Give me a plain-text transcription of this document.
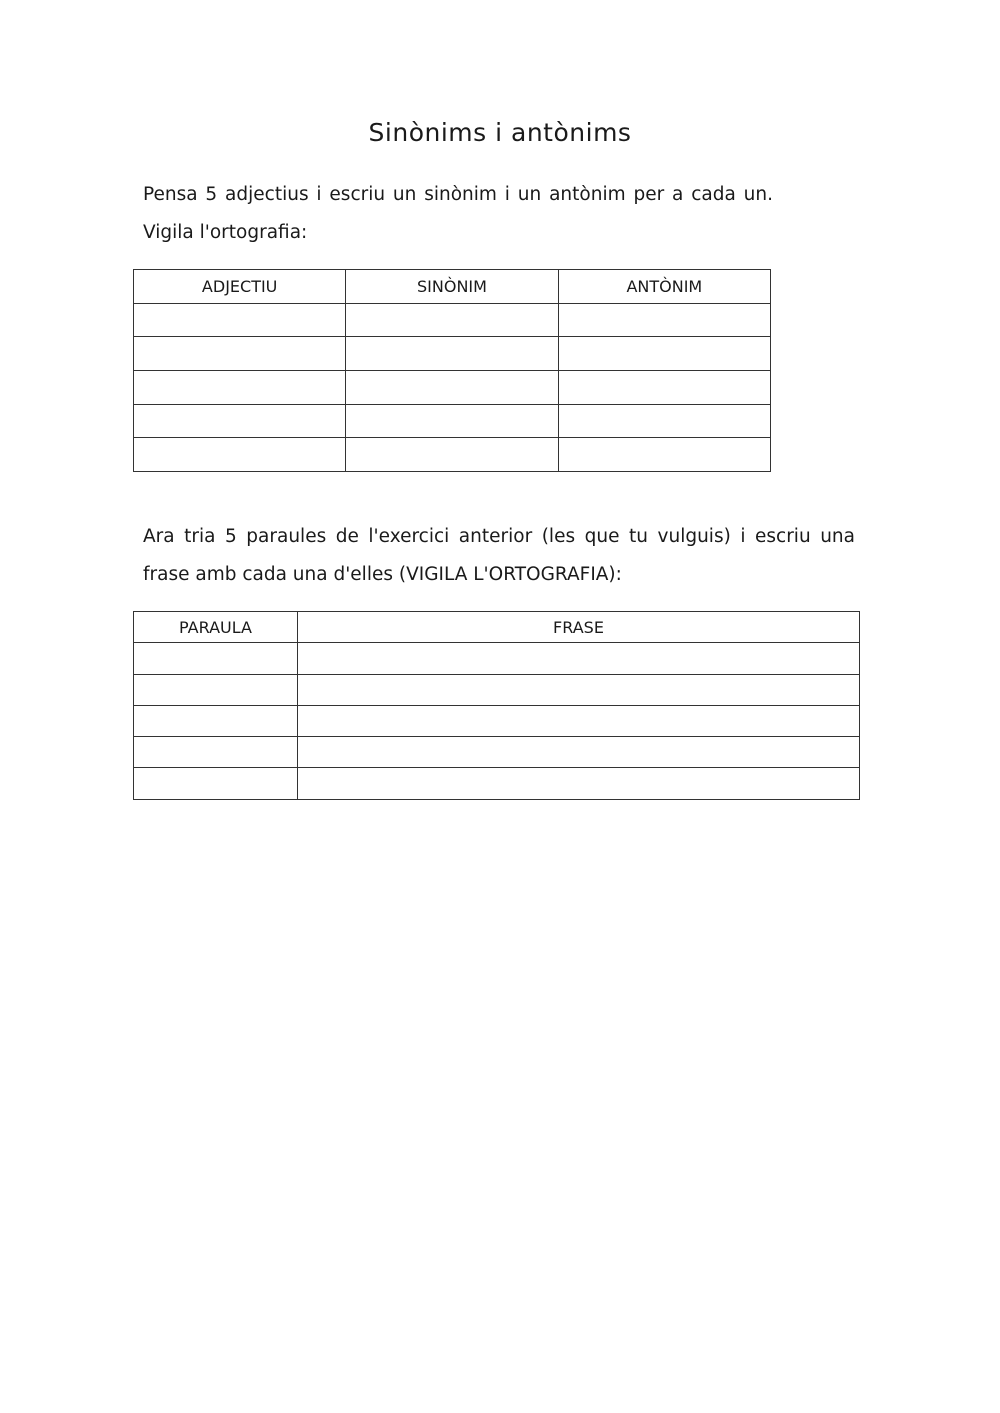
Sinònims i antònims

Pensa 5 adjectius i escriu un sinònim i un antònim per a cada un. Vigila l'ortografia:

ADJECTIU	SINÒNIM	ANTÒNIM

Ara tria 5 paraules de l'exercici anterior (les que tu vulguis) i escriu una frase amb cada una d'elles (VIGILA L'ORTOGRAFIA):

PARAULA	FRASE
